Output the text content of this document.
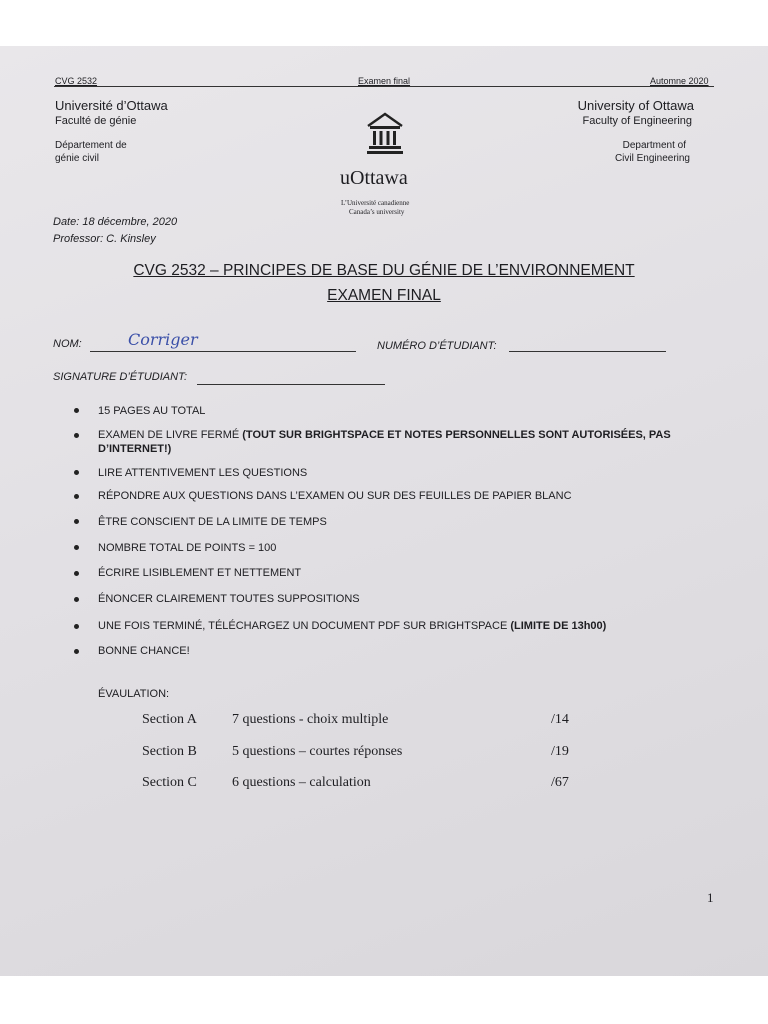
CVG 2532	Examen final	Automne 2020
Université d’Ottawa
Faculté de génie
Département de
génie civil
University of Ottawa
Faculty of Engineering
Department of
Civil Engineering
uOttawa
L’Université canadienne
Canada’s university
Date: 18 décembre, 2020
Professor: C. Kinsley
CVG 2532 – PRINCIPES DE BASE DU GÉNIE DE L’ENVIRONNEMENT
EXAMEN FINAL
NOM:	Corriger	NUMÉRO D’ÉTUDIANT:
SIGNATURE D’ÉTUDIANT:
15 PAGES AU TOTAL
EXAMEN DE LIVRE FERMÉ (TOUT SUR BRIGHTSPACE ET NOTES PERSONNELLES SONT AUTORISÉES, PAS D’INTERNET!)
LIRE ATTENTIVEMENT LES QUESTIONS
RÉPONDRE AUX QUESTIONS DANS L’EXAMEN OU SUR DES FEUILLES DE PAPIER BLANC
ÊTRE CONSCIENT DE LA LIMITE DE TEMPS
NOMBRE TOTAL DE POINTS = 100
ÉCRIRE LISIBLEMENT ET NETTEMENT
ÉNONCER CLAIREMENT TOUTES SUPPOSITIONS
UNE FOIS TERMINÉ, TÉLÉCHARGEZ UN DOCUMENT PDF SUR BRIGHTSPACE (LIMITE DE 13h00)
BONNE CHANCE!
ÉVAULATION:
Section A	7 questions - choix multiple	/14
Section B	5 questions – courtes réponses	/19
Section C	6 questions – calculation	/67
1
